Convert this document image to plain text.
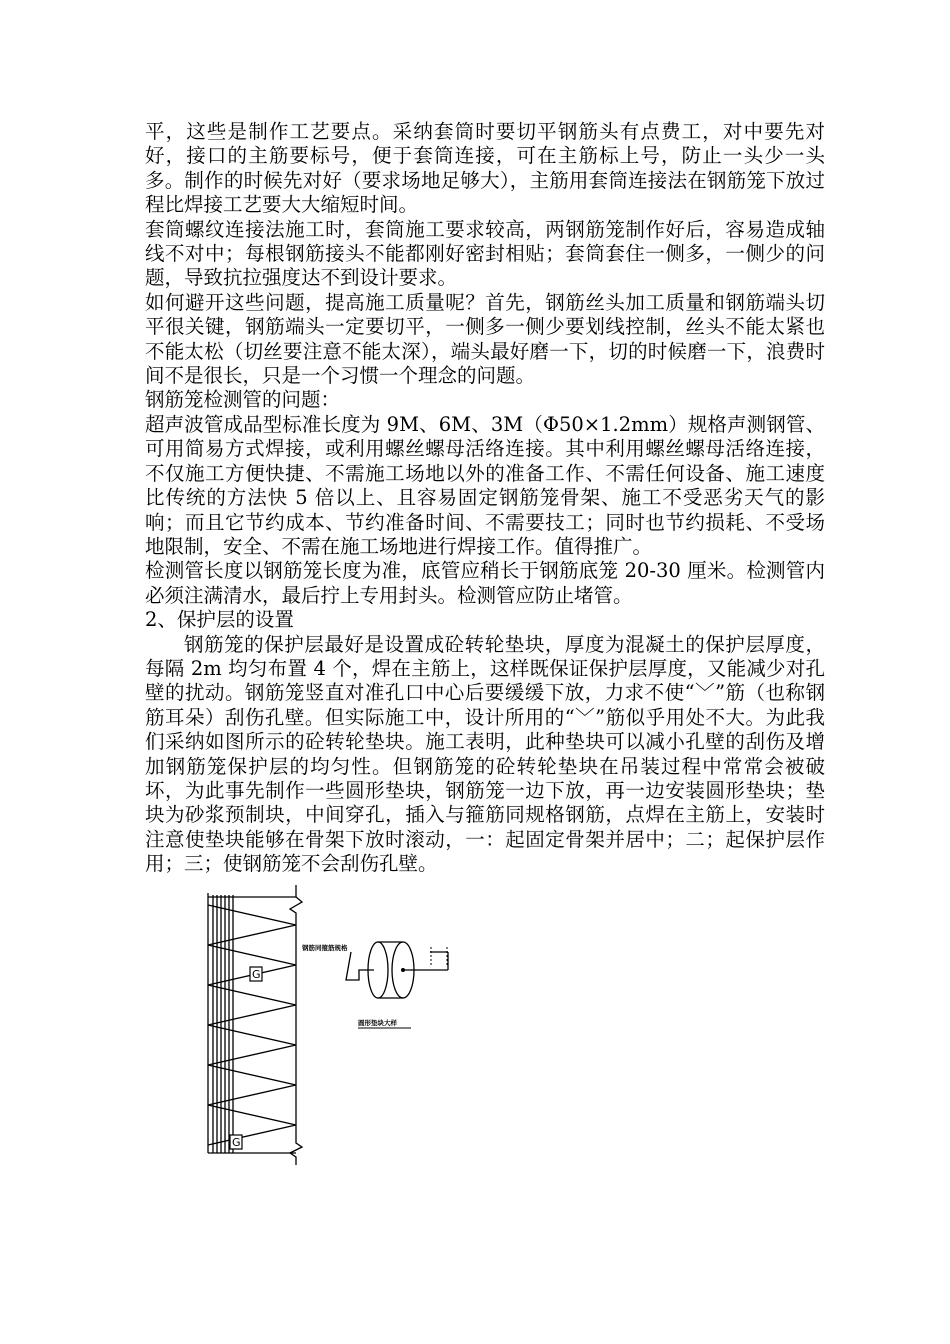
平，这些是制作工艺要点。采纳套筒时要切平钢筋头有点费工，对中要先对好，接口的主筋要标号，便于套筒连接，可在主筋标上号，防止一头少一头多。制作的时候先对好（要求场地足够大），主筋用套筒连接法在钢筋笼下放过程比焊接工艺要大大缩短时间。

套筒螺纹连接法施工时，套筒施工要求较高，两钢筋笼制作好后，容易造成轴线不对中；每根钢筋接头不能都刚好密封相贴；套筒套住一侧多，一侧少的问题，导致抗拉强度达不到设计要求。

如何避开这些问题，提高施工质量呢？首先，钢筋丝头加工质量和钢筋端头切平很关键，钢筋端头一定要切平，一侧多一侧少要划线控制，丝头不能太紧也不能太松（切丝要注意不能太深），端头最好磨一下，切的时候磨一下，浪费时间不是很长，只是一个习惯一个理念的问题。

钢筋笼检测管的问题：

超声波管成品型标准长度为 9M、6M、3M（Φ50×1.2mm）规格声测钢管、可用简易方式焊接，或利用螺丝螺母活络连接。其中利用螺丝螺母活络连接，不仅施工方便快捷、不需施工场地以外的准备工作、不需任何设备、施工速度比传统的方法快 5 倍以上、且容易固定钢筋笼骨架、施工不受恶劣天气的影响；而且它节约成本、节约准备时间、不需要技工；同时也节约损耗、不受场地限制，安全、不需在施工场地进行焊接工作。值得推广。

检测管长度以钢筋笼长度为准，底管应稍长于钢筋底笼 20-30 厘米。检测管内必须注满清水，最后拧上专用封头。检测管应防止堵管。

2、保护层的设置

钢筋笼的保护层最好是设置成砼转轮垫块，厚度为混凝土的保护层厚度，每隔 2m 均匀布置 4 个，焊在主筋上，这样既保证保护层厚度，又能减少对孔壁的扰动。钢筋笼竖直对准孔口中心后要缓缓下放，力求不使“﹀”筋（也称钢筋耳朵）刮伤孔壁。但实际施工中，设计所用的“﹀”筋似乎用处不大。为此我们采纳如图所示的砼转轮垫块。施工表明，此种垫块可以减小孔壁的刮伤及增加钢筋笼保护层的均匀性。但钢筋笼的砼转轮垫块在吊装过程中常常会被破坏，为此事先制作一些圆形垫块，钢筋笼一边下放，再一边安装圆形垫块；垫块为砂浆预制块，中间穿孔，插入与箍筋同规格钢筋，点焊在主筋上，安装时注意使垫块能够在骨架下放时滚动，一：起固定骨架并居中；二；起保护层作用；三；使钢筋笼不会刮伤孔壁。

G
G
钢筋同箍筋规格
圆形垫块大样
